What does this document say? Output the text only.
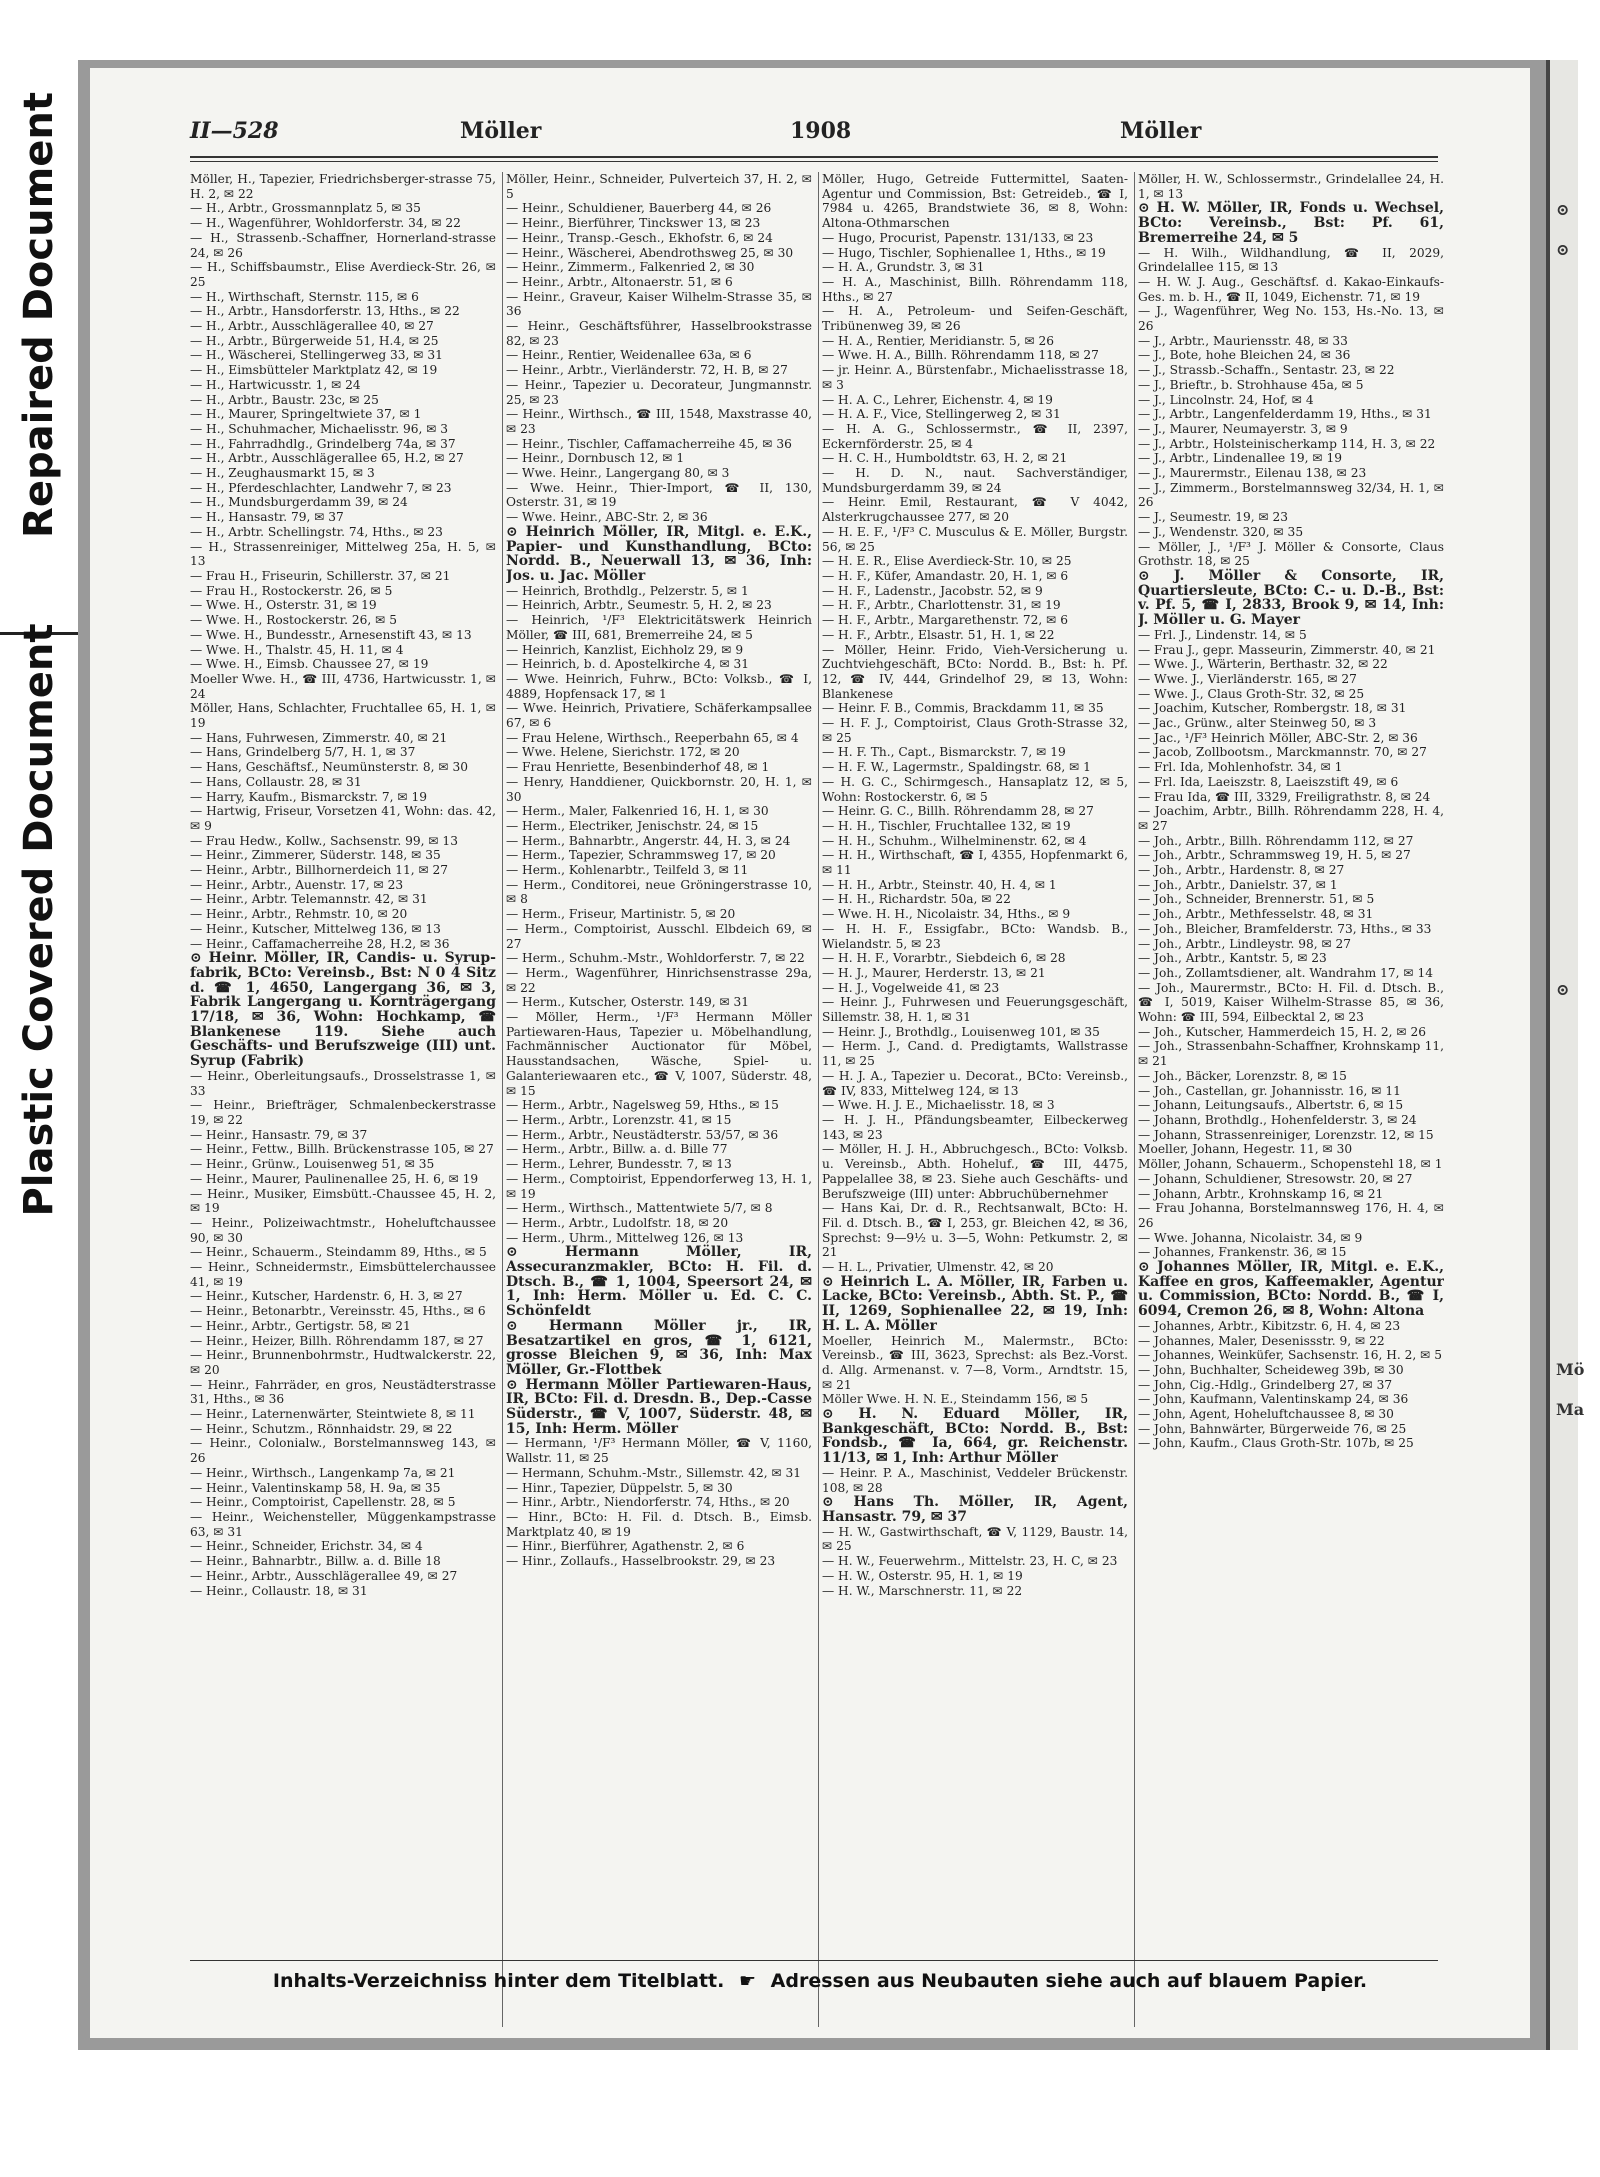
Repaired Document
Plastic Covered Document
II—528	Möller	1908	Möller

Möller, H., Tapezier, Friedrichsberger-strasse 75, H. 2, ✉ 22

— H., Arbtr., Grossmannplatz 5, ✉ 35

— H., Wagenführer, Wohldorferstr. 34, ✉ 22

— H., Strassenb.-Schaffner, Hornerland-strasse 24, ✉ 26

— H., Schiffsbaumstr., Elise Averdieck-Str. 26, ✉ 25

— H., Wirthschaft, Sternstr. 115, ✉ 6

— H., Arbtr., Hansdorferstr. 13, Hths., ✉ 22

— H., Arbtr., Ausschlägerallee 40, ✉ 27

— H., Arbtr., Bürgerweide 51, H.4, ✉ 25

— H., Wäscherei, Stellingerweg 33, ✉ 31

— H., Eimsbütteler Marktplatz 42, ✉ 19

— H., Hartwicusstr. 1, ✉ 24

— H., Arbtr., Baustr. 23c, ✉ 25

— H., Maurer, Springeltwiete 37, ✉ 1

— H., Schuhmacher, Michaelisstr. 96, ✉ 3

— H., Fahrradhdlg., Grindelberg 74a, ✉ 37

— H., Arbtr., Ausschlägerallee 65, H.2, ✉ 27

— H., Zeughausmarkt 15, ✉ 3

— H., Pferdeschlachter, Landwehr 7, ✉ 23

— H., Mundsburgerdamm 39, ✉ 24

— H., Hansastr. 79, ✉ 37

— H., Arbtr. Schellingstr. 74, Hths., ✉ 23

— H., Strassenreiniger, Mittelweg 25a, H. 5, ✉ 13

— Frau H., Friseurin, Schillerstr. 37, ✉ 21

— Frau H., Rostockerstr. 26, ✉ 5

— Wwe. H., Osterstr. 31, ✉ 19

— Wwe. H., Rostockerstr. 26, ✉ 5

— Wwe. H., Bundesstr., Arnesenstift 43, ✉ 13

— Wwe. H., Thalstr. 45, H. 11, ✉ 4

— Wwe. H., Eimsb. Chaussee 27, ✉ 19

Moeller Wwe. H., ☎ III, 4736, Hartwicusstr. 1, ✉ 24

Möller, Hans, Schlachter, Fruchtallee 65, H. 1, ✉ 19

— Hans, Fuhrwesen, Zimmerstr. 40, ✉ 21

— Hans, Grindelberg 5/7, H. 1, ✉ 37

— Hans, Geschäftsf., Neumünsterstr. 8, ✉ 30

— Hans, Collaustr. 28, ✉ 31

— Harry, Kaufm., Bismarckstr. 7, ✉ 19

— Hartwig, Friseur, Vorsetzen 41, Wohn: das. 42, ✉ 9

— Frau Hedw., Kollw., Sachsenstr. 99, ✉ 13

— Heinr., Zimmerer, Süderstr. 148, ✉ 35

— Heinr., Arbtr., Billhornerdeich 11, ✉ 27

— Heinr., Arbtr., Auenstr. 17, ✉ 23

— Heinr., Arbtr. Telemannstr. 42, ✉ 31

— Heinr., Arbtr., Rehmstr. 10, ✉ 20

— Heinr., Kutscher, Mittelweg 136, ✉ 13

— Heinr., Caffamacherreihe 28, H.2, ✉ 36

⊙ Heinr. Möller, IR, Candis- u. Syrup-fabrik, BCto: Vereinsb., Bst: N 0 4 Sitz d. ☎ 1, 4650, Langergang 36, ✉ 3, Fabrik Langergang u. Kornträgergang 17/18, ✉ 36, Wohn: Hochkamp, ☎ Blankenese 119. Siehe auch Geschäfts- und Berufszweige (III) unt. Syrup (Fabrik)

— Heinr., Oberleitungsaufs., Drosselstrasse 1, ✉ 33

— Heinr., Briefträger, Schmalenbeckerstrasse 19, ✉ 22

— Heinr., Hansastr. 79, ✉ 37

— Heinr., Fettw., Billh. Brückenstrasse 105, ✉ 27

— Heinr., Grünw., Louisenweg 51, ✉ 35

— Heinr., Maurer, Paulinenallee 25, H. 6, ✉ 19

— Heinr., Musiker, Eimsbütt.-Chaussee 45, H. 2, ✉ 19

— Heinr., Polizeiwachtmstr., Hoheluftchaussee 90, ✉ 30

— Heinr., Schauerm., Steindamm 89, Hths., ✉ 5

— Heinr., Schneidermstr., Eimsbüttelerchaussee 41, ✉ 19

— Heinr., Kutscher, Hardenstr. 6, H. 3, ✉ 27

— Heinr., Betonarbtr., Vereinsstr. 45, Hths., ✉ 6

— Heinr., Arbtr., Gertigstr. 58, ✉ 21

— Heinr., Heizer, Billh. Röhrendamm 187, ✉ 27

— Heinr., Brunnenbohrmstr., Hudtwalckerstr. 22, ✉ 20

— Heinr., Fahrräder, en gros, Neustädterstrasse 31, Hths., ✉ 36

— Heinr., Laternenwärter, Steintwiete 8, ✉ 11

— Heinr., Schutzm., Rönnhaidstr. 29, ✉ 22

— Heinr., Colonialw., Borstelmannsweg 143, ✉ 26

— Heinr., Wirthsch., Langenkamp 7a, ✉ 21

— Heinr., Valentinskamp 58, H. 9a, ✉ 35

— Heinr., Comptoirist, Capellenstr. 28, ✉ 5

— Heinr., Weichensteller, Müggenkampstrasse 63, ✉ 31

— Heinr., Schneider, Erichstr. 34, ✉ 4

— Heinr., Bahnarbtr., Billw. a. d. Bille 18

— Heinr., Arbtr., Ausschlägerallee 49, ✉ 27

— Heinr., Collaustr. 18, ✉ 31

Möller, Heinr., Schneider, Pulverteich 37, H. 2, ✉ 5

— Heinr., Schuldiener, Bauerberg 44, ✉ 26

— Heinr., Bierführer, Tinckswег 13, ✉ 23

— Heinr., Transp.-Gesch., Ekhofstr. 6, ✉ 24

— Heinr., Wäscherei, Abendrothsweg 25, ✉ 30

— Heinr., Zimmerm., Falkenried 2, ✉ 30

— Heinr., Arbtr., Altonaerstr. 51, ✉ 6

— Heinr., Graveur, Kaiser Wilhelm-Strasse 35, ✉ 36

— Heinr., Geschäftsführer, Hasselbrookstrasse 82, ✉ 23

— Heinr., Rentier, Weidenallee 63a, ✉ 6

— Heinr., Arbtr., Vierländerstr. 72, H. B, ✉ 27

— Heinr., Tapezier u. Decorateur, Jungmannstr. 25, ✉ 23

— Heinr., Wirthsch., ☎ III, 1548, Maxstrasse 40, ✉ 23

— Heinr., Tischler, Caffamacherreihe 45, ✉ 36

— Heinr., Dornbusch 12, ✉ 1

— Wwe. Heinr., Langergang 80, ✉ 3

— Wwe. Heinr., Thier-Import, ☎ II, 130, Osterstr. 31, ✉ 19

— Wwe. Heinr., ABC-Str. 2, ✉ 36

⊙ Heinrich Möller, IR, Mitgl. e. E.K., Papier- und Kunsthandlung, BCto: Nordd. B., Neuerwall 13, ✉ 36, Inh: Jos. u. Jac. Möller

— Heinrich, Brothdlg., Pelzerstr. 5, ✉ 1

— Heinrich, Arbtr., Seumestr. 5, H. 2, ✉ 23

— Heinrich, ¹/F³ Elektricitätswerk Heinrich Möller, ☎ III, 681, Bremerreihe 24, ✉ 5

— Heinrich, Kanzlist, Eichholz 29, ✉ 9

— Heinrich, b. d. Apostelkirche 4, ✉ 31

— Wwe. Heinrich, Fuhrw., BCto: Volksb., ☎ I, 4889, Hopfensack 17, ✉ 1

— Wwe. Heinrich, Privatiere, Schäferkampsallee 67, ✉ 6

— Frau Helene, Wirthsch., Reeperbahn 65, ✉ 4

— Wwe. Helene, Sierichstr. 172, ✉ 20

— Frau Henriette, Besenbinderhof 48, ✉ 1

— Henry, Handdiener, Quickbornstr. 20, H. 1, ✉ 30

— Herm., Maler, Falkenried 16, H. 1, ✉ 30

— Herm., Electriker, Jenischstr. 24, ✉ 15

— Herm., Bahnarbtr., Angerstr. 44, H. 3, ✉ 24

— Herm., Tapezier, Schrammsweg 17, ✉ 20

— Herm., Kohlenarbtr., Teilfeld 3, ✉ 11

— Herm., Conditorei, neue Gröningerstrasse 10, ✉ 8

— Herm., Friseur, Martinistr. 5, ✉ 20

— Herm., Comptoirist, Ausschl. Elbdeich 69, ✉ 27

— Herm., Schuhm.-Mstr., Wohldorferstr. 7, ✉ 22

— Herm., Wagenführer, Hinrichsenstrasse 29a, ✉ 22

— Herm., Kutscher, Osterstr. 149, ✉ 31

— Möller, Herm., ¹/F³ Hermann Möller Partiewaren-Haus, Tapezier u. Möbelhandlung, Fachmännischer Auctionator für Möbel, Hausstandsachen, Wäsche, Spiel- u. Galanteriewaaren etc., ☎ V, 1007, Süderstr. 48, ✉ 15

— Herm., Arbtr., Nagelsweg 59, Hths., ✉ 15

— Herm., Arbtr., Lorenzstr. 41, ✉ 15

— Herm., Arbtr., Neustädterstr. 53/57, ✉ 36

— Herm., Arbtr., Billw. a. d. Bille 77

— Herm., Lehrer, Bundesstr. 7, ✉ 13

— Herm., Comptoirist, Eppendorferweg 13, H. 1, ✉ 19

— Herm., Wirthsch., Mattentwiete 5/7, ✉ 8

— Herm., Arbtr., Ludolfstr. 18, ✉ 20

— Herm., Uhrm., Mittelweg 126, ✉ 13

⊙ Hermann Möller, IR, Assecuranzmakler, BCto: H. Fil. d. Dtsch. B., ☎ 1, 1004, Speersort 24, ✉ 1, Inh: Herm. Möller u. Ed. C. C. Schönfeldt

⊙ Hermann Möller jr., IR, Besatzartikel en gros, ☎ 1, 6121, grosse Bleichen 9, ✉ 36, Inh: Max Möller, Gr.-Flottbek

⊙ Hermann Möller Partiewaren-Haus, IR, BCto: Fil. d. Dresdn. B., Dep.-Casse Süderstr., ☎ V, 1007, Süderstr. 48, ✉ 15, Inh: Herm. Möller

— Hermann, ¹/F³ Hermann Möller, ☎ V, 1160, Wallstr. 11, ✉ 25

— Hermann, Schuhm.-Mstr., Sillemstr. 42, ✉ 31

— Hinr., Tapezier, Düppelstr. 5, ✉ 30

— Hinr., Arbtr., Niendorferstr. 74, Hths., ✉ 20

— Hinr., BCto: H. Fil. d. Dtsch. B., Eimsb. Marktplatz 40, ✉ 19

— Hinr., Bierführer, Agathenstr. 2, ✉ 6

— Hinr., Zollaufs., Hasselbrookstr. 29, ✉ 23

Möller, Hugo, Getreide Futtermittel, Saaten-Agentur und Commission, Bst: Getreideb., ☎ I, 7984 u. 4265, Brandstwiete 36, ✉ 8, Wohn: Altona-Othmarschen

— Hugo, Procurist, Papenstr. 131/133, ✉ 23

— Hugo, Tischler, Sophienallee 1, Hths., ✉ 19

— H. A., Grundstr. 3, ✉ 31

— H. A., Maschinist, Billh. Röhrendamm 118, Hths., ✉ 27

— H. A., Petroleum- und Seifen-Geschäft, Tribünenweg 39, ✉ 26

— H. A., Rentier, Meridianstr. 5, ✉ 26

— Wwe. H. A., Billh. Röhrendamm 118, ✉ 27

— jr. Heinr. A., Bürstenfabr., Michaelisstrasse 18, ✉ 3

— H. A. C., Lehrer, Eichenstr. 4, ✉ 19

— H. A. F., Vice, Stellingerweg 2, ✉ 31

— H. A. G., Schlossermstr., ☎ II, 2397, Eckernförderstr. 25, ✉ 4

— H. C. H., Humboldtstr. 63, H. 2, ✉ 21

— H. D. N., naut. Sachverständiger, Mundsburgerdamm 39, ✉ 24

— Heinr. Emil, Restaurant, ☎ V 4042, Alsterkrugchaussee 277, ✉ 20

— H. E. F., ¹/F³ C. Musculus & E. Möller, Burgstr. 56, ✉ 25

— H. E. R., Elise Averdieck-Str. 10, ✉ 25

— H. F., Küfer, Amandastr. 20, H. 1, ✉ 6

— H. F., Ladenstr., Jacobstr. 52, ✉ 9

— H. F., Arbtr., Charlottenstr. 31, ✉ 19

— H. F., Arbtr., Margarethenstr. 72, ✉ 6

— H. F., Arbtr., Elsastr. 51, H. 1, ✉ 22

— Möller, Heinr. Frido, Vieh-Versicherung u. Zuchtviehgeschäft, BCto: Nordd. B., Bst: h. Pf. 12, ☎ IV, 444, Grindelhof 29, ✉ 13, Wohn: Blankenese

— Heinr. F. B., Commis, Brackdamm 11, ✉ 35

— H. F. J., Comptoirist, Claus Groth-Strasse 32, ✉ 25

— H. F. Th., Capt., Bismarckstr. 7, ✉ 19

— H. F. W., Lagermstr., Spaldingstr. 68, ✉ 1

— H. G. C., Schirmgesch., Hansaplatz 12, ✉ 5, Wohn: Rostockerstr. 6, ✉ 5

— Heinr. G. C., Billh. Röhrendamm 28, ✉ 27

— H. H., Tischler, Fruchtallee 132, ✉ 19

— H. H., Schuhm., Wilhelminenstr. 62, ✉ 4

— H. H., Wirthschaft, ☎ I, 4355, Hopfenmarkt 6, ✉ 11

— H. H., Arbtr., Steinstr. 40, H. 4, ✉ 1

— H. H., Richardstr. 50a, ✉ 22

— Wwe. H. H., Nicolaistr. 34, Hths., ✉ 9

— H. H. F., Essigfabr., BCto: Wandsb. B., Wielandstr. 5, ✉ 23

— H. H. F., Vorarbtr., Siebdeich 6, ✉ 28

— H. J., Maurer, Herderstr. 13, ✉ 21

— H. J., Vogelweide 41, ✉ 23

— Heinr. J., Fuhrwesen und Feuerungsgeschäft, Sillemstr. 38, H. 1, ✉ 31

— Heinr. J., Brothdlg., Louisenweg 101, ✉ 35

— Herm. J., Cand. d. Predigtamts, Wallstrasse 11, ✉ 25

— H. J. A., Tapezier u. Decorat., BCto: Vereinsb., ☎ IV, 833, Mittelweg 124, ✉ 13

— Wwe. H. J. E., Michaelisstr. 18, ✉ 3

— H. J. H., Pfändungsbeamter, Eilbeckerweg 143, ✉ 23

— Möller, H. J. H., Abbruchgesch., BCto: Volksb. u. Vereinsb., Abth. Hoheluf., ☎ III, 4475, Pappelallee 38, ✉ 23. Siehe auch Geschäfts- und Berufszweige (III) unter: Abbruchübernehmer

— Hans Kai, Dr. d. R., Rechtsanwalt, BCto: H. Fil. d. Dtsch. B., ☎ I, 253, gr. Bleichen 42, ✉ 36, Sprechst: 9—9½ u. 3—5, Wohn: Petkumstr. 2, ✉ 21

— H. L., Privatier, Ulmenstr. 42, ✉ 20

⊙ Heinrich L. A. Möller, IR, Farben u. Lacke, BCto: Vereinsb., Abth. St. P., ☎ II, 1269, Sophienallee 22, ✉ 19, Inh: H. L. A. Möller

Moeller, Heinrich M., Malermstr., BCto: Vereinsb., ☎ III, 3623, Sprechst: als Bez.-Vorst. d. Allg. Armenanst. v. 7—8, Vorm., Arndtstr. 15, ✉ 21

Möller Wwe. H. N. E., Steindamm 156, ✉ 5

⊙ H. N. Eduard Möller, IR, Bankgeschäft, BCto: Nordd. B., Bst: Fondsb., ☎ Ia, 664, gr. Reichenstr. 11/13, ✉ 1, Inh: Arthur Möller

— Heinr. P. A., Maschinist, Veddeler Brückenstr. 108, ✉ 28

⊙ Hans Th. Möller, IR, Agent, Hansastr. 79, ✉ 37

— H. W., Gastwirthschaft, ☎ V, 1129, Baustr. 14, ✉ 25

— H. W., Feuerwehrm., Mittelstr. 23, H. C, ✉ 23

— H. W., Osterstr. 95, H. 1, ✉ 19

— H. W., Marschnerstr. 11, ✉ 22

Möller, H. W., Schlossermstr., Grindelallee 24, H. 1, ✉ 13

⊙ H. W. Möller, IR, Fonds u. Wechsel, BCto: Vereinsb., Bst: Pf. 61, Bremerreihe 24, ✉ 5

— H. Wilh., Wildhandlung, ☎ II, 2029, Grindelallee 115, ✉ 13

— H. W. J. Aug., Geschäftsf. d. Kakao-Einkaufs-Ges. m. b. H., ☎ II, 1049, Eichenstr. 71, ✉ 19

— J., Wagenführer, Weg No. 153, Hs.-No. 13, ✉ 26

— J., Arbtr., Mauriensstr. 48, ✉ 33

— J., Bote, hohe Bleichen 24, ✉ 36

— J., Strassb.-Schaffn., Sentastr. 23, ✉ 22

— J., Brieftr., b. Strohhause 45a, ✉ 5

— J., Lincolnstr. 24, Hof, ✉ 4

— J., Arbtr., Langenfelderdamm 19, Hths., ✉ 31

— J., Maurer, Neumayerstr. 3, ✉ 9

— J., Arbtr., Holsteinischerkamp 114, H. 3, ✉ 22

— J., Arbtr., Lindenallee 19, ✉ 19

— J., Maurermstr., Eilenau 138, ✉ 23

— J., Zimmerm., Borstelmannsweg 32/34, H. 1, ✉ 26

— J., Seumestr. 19, ✉ 23

— J., Wendenstr. 320, ✉ 35

— Möller, J., ¹/F³ J. Möller & Consorte, Claus Grothstr. 18, ✉ 25

⊙ J. Möller & Consorte, IR, Quartiersleute, BCto: C.- u. D.-B., Bst: v. Pf. 5, ☎ I, 2833, Brook 9, ✉ 14, Inh: J. Möller u. G. Mayer

— Frl. J., Lindenstr. 14, ✉ 5

— Frau J., gepr. Masseurin, Zimmerstr. 40, ✉ 21

— Wwe. J., Wärterin, Berthastr. 32, ✉ 22

— Wwe. J., Vierländerstr. 165, ✉ 27

— Wwe. J., Claus Groth-Str. 32, ✉ 25

— Joachim, Kutscher, Rombergstr. 18, ✉ 31

— Jac., Grünw., alter Steinweg 50, ✉ 3

— Jac., ¹/F³ Heinrich Möller, ABC-Str. 2, ✉ 36

— Jacob, Zollbootsm., Marckmannstr. 70, ✉ 27

— Frl. Ida, Mohlenhofstr. 34, ✉ 1

— Frl. Ida, Laeiszstr. 8, Laeiszstift 49, ✉ 6

— Frau Ida, ☎ III, 3329, Freiligrathstr. 8, ✉ 24

— Joachim, Arbtr., Billh. Röhrendamm 228, H. 4, ✉ 27

— Joh., Arbtr., Billh. Röhrendamm 112, ✉ 27

— Joh., Arbtr., Schrammsweg 19, H. 5, ✉ 27

— Joh., Arbtr., Hardenstr. 8, ✉ 27

— Joh., Arbtr., Danielstr. 37, ✉ 1

— Joh., Schneider, Brennerstr. 51, ✉ 5

— Joh., Arbtr., Methfesselstr. 48, ✉ 31

— Joh., Bleicher, Bramfelderstr. 73, Hths., ✉ 33

— Joh., Arbtr., Lindleystr. 98, ✉ 27

— Joh., Arbtr., Kantstr. 5, ✉ 23

— Joh., Zollamtsdiener, alt. Wandrahm 17, ✉ 14

— Joh., Maurermstr., BCto: H. Fil. d. Dtsch. B., ☎ I, 5019, Kaiser Wilhelm-Strasse 85, ✉ 36, Wohn: ☎ III, 594, Eilbecktal 2, ✉ 23

— Joh., Kutscher, Hammerdeich 15, H. 2, ✉ 26

— Joh., Strassenbahn-Schaffner, Krohnskamp 11, ✉ 21

— Joh., Bäcker, Lorenzstr. 8, ✉ 15

— Joh., Castellan, gr. Johannisstr. 16, ✉ 11

— Johann, Leitungsaufs., Albertstr. 6, ✉ 15

— Johann, Brothdlg., Hohenfelderstr. 3, ✉ 24

— Johann, Strassenreiniger, Lorenzstr. 12, ✉ 15

Moeller, Johann, Hegestr. 11, ✉ 30

Möller, Johann, Schauerm., Schopenstehl 18, ✉ 1

— Johann, Schuldiener, Stresowstr. 20, ✉ 27

— Johann, Arbtr., Krohnskamp 16, ✉ 21

— Frau Johanna, Borstelmannsweg 176, H. 4, ✉ 26

— Wwe. Johanna, Nicolaistr. 34, ✉ 9

— Johannes, Frankenstr. 36, ✉ 15

⊙ Johannes Möller, IR, Mitgl. e. E.K., Kaffee en gros, Kaffeemakler, Agentur u. Commission, BCto: Nordd. B., ☎ I, 6094, Cremon 26, ✉ 8, Wohn: Altona

— Johannes, Arbtr., Kibitzstr. 6, H. 4, ✉ 23

— Johannes, Maler, Desenissstr. 9, ✉ 22

— Johannes, Weinküfer, Sachsenstr. 16, H. 2, ✉ 5

— John, Buchhalter, Scheideweg 39b, ✉ 30

— John, Cig.-Hdlg., Grindelberg 27, ✉ 37

— John, Kaufmann, Valentinskamp 24, ✉ 36

— John, Agent, Hoheluftchaussee 8, ✉ 30

— John, Bahnwärter, Bürgerweide 76, ✉ 25

— John, Kaufm., Claus Groth-Str. 107b, ✉ 25

Inhalts-Verzeichniss hinter dem Titelblatt. ☛ Adressen aus Neubauten siehe auch auf blauem Papier.
⊙
⊙
⊙
Mö
Ma
